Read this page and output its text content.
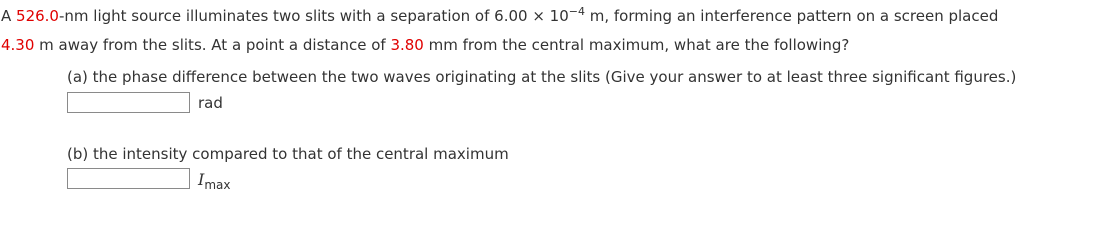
A 526.0-nm light source illuminates two slits with a separation of $6.00 \times 10^{-4}$ m, forming an interference pattern on a screen placed
4.30 m away from the slits. At a point a distance of 3.80 mm from the central maximum, what are the following?
(a) the phase difference between the two waves originating at the slits (Give your answer to at least three significant figures.)
rad
(b) the intensity compared to that of the central maximum
$I_{max}$
